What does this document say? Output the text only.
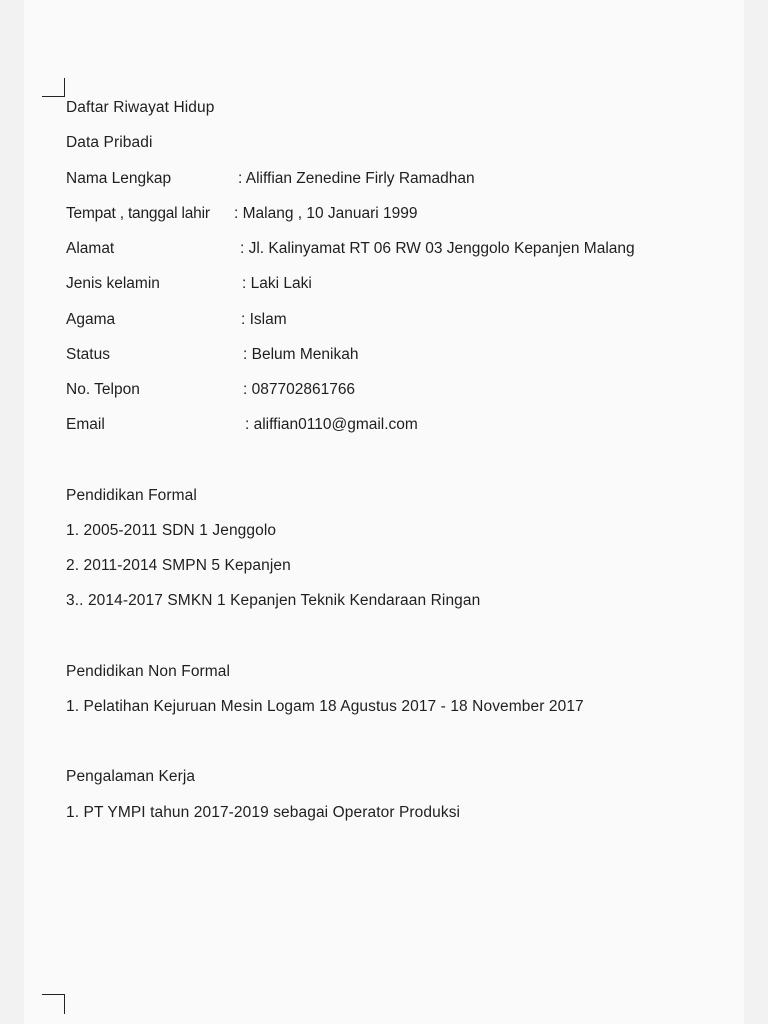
Daftar Riwayat Hidup
Data Pribadi
Nama Lengkap	: Aliffian Zenedine Firly Ramadhan
Tempat , tanggal lahir : Malang , 10 Januari 1999
Alamat	: Jl. Kalinyamat RT 06 RW 03 Jenggolo Kepanjen Malang
Jenis kelamin	: Laki Laki
Agama	: Islam
Status	: Belum Menikah
No. Telpon	: 087702861766
Email	: aliffian0110@gmail.com
Pendidikan Formal
1. 2005-2011 SDN 1 Jenggolo
2. 2011-2014 SMPN 5 Kepanjen
3.. 2014-2017 SMKN 1 Kepanjen Teknik Kendaraan Ringan
Pendidikan Non Formal
1. Pelatihan Kejuruan Mesin Logam 18 Agustus 2017 - 18 November 2017
Pengalaman Kerja
1. PT YMPI tahun 2017-2019 sebagai Operator Produksi
